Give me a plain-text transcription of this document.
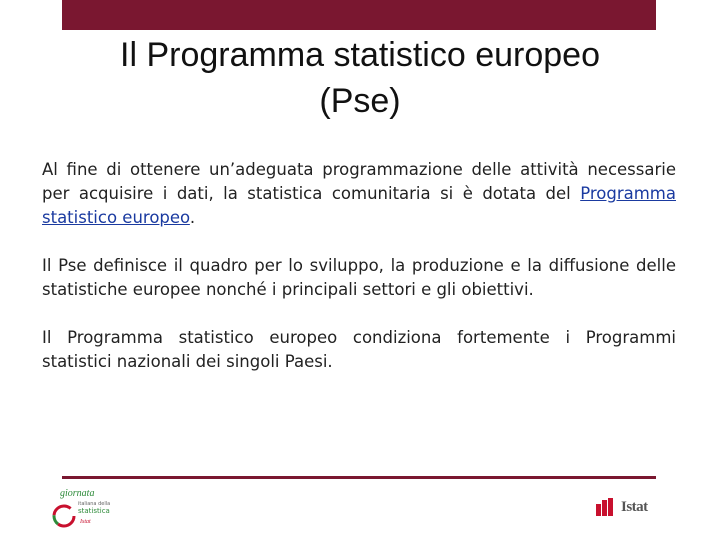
Il Programma statistico europeo
(Pse)

Al fine di ottenere un’adeguata programmazione delle attività necessarie per acquisire i dati, la statistica comunitaria si è dotata del Programma statistico europeo.

Il Pse definisce il quadro per lo sviluppo, la produzione e la diffusione delle statistiche europee nonché i principali settori e gli obiettivi.

Il Programma statistico europeo condiziona fortemente i Programmi statistici nazionali dei singoli Paesi.

giornata
italiana della
statistica
Istat
Istat
